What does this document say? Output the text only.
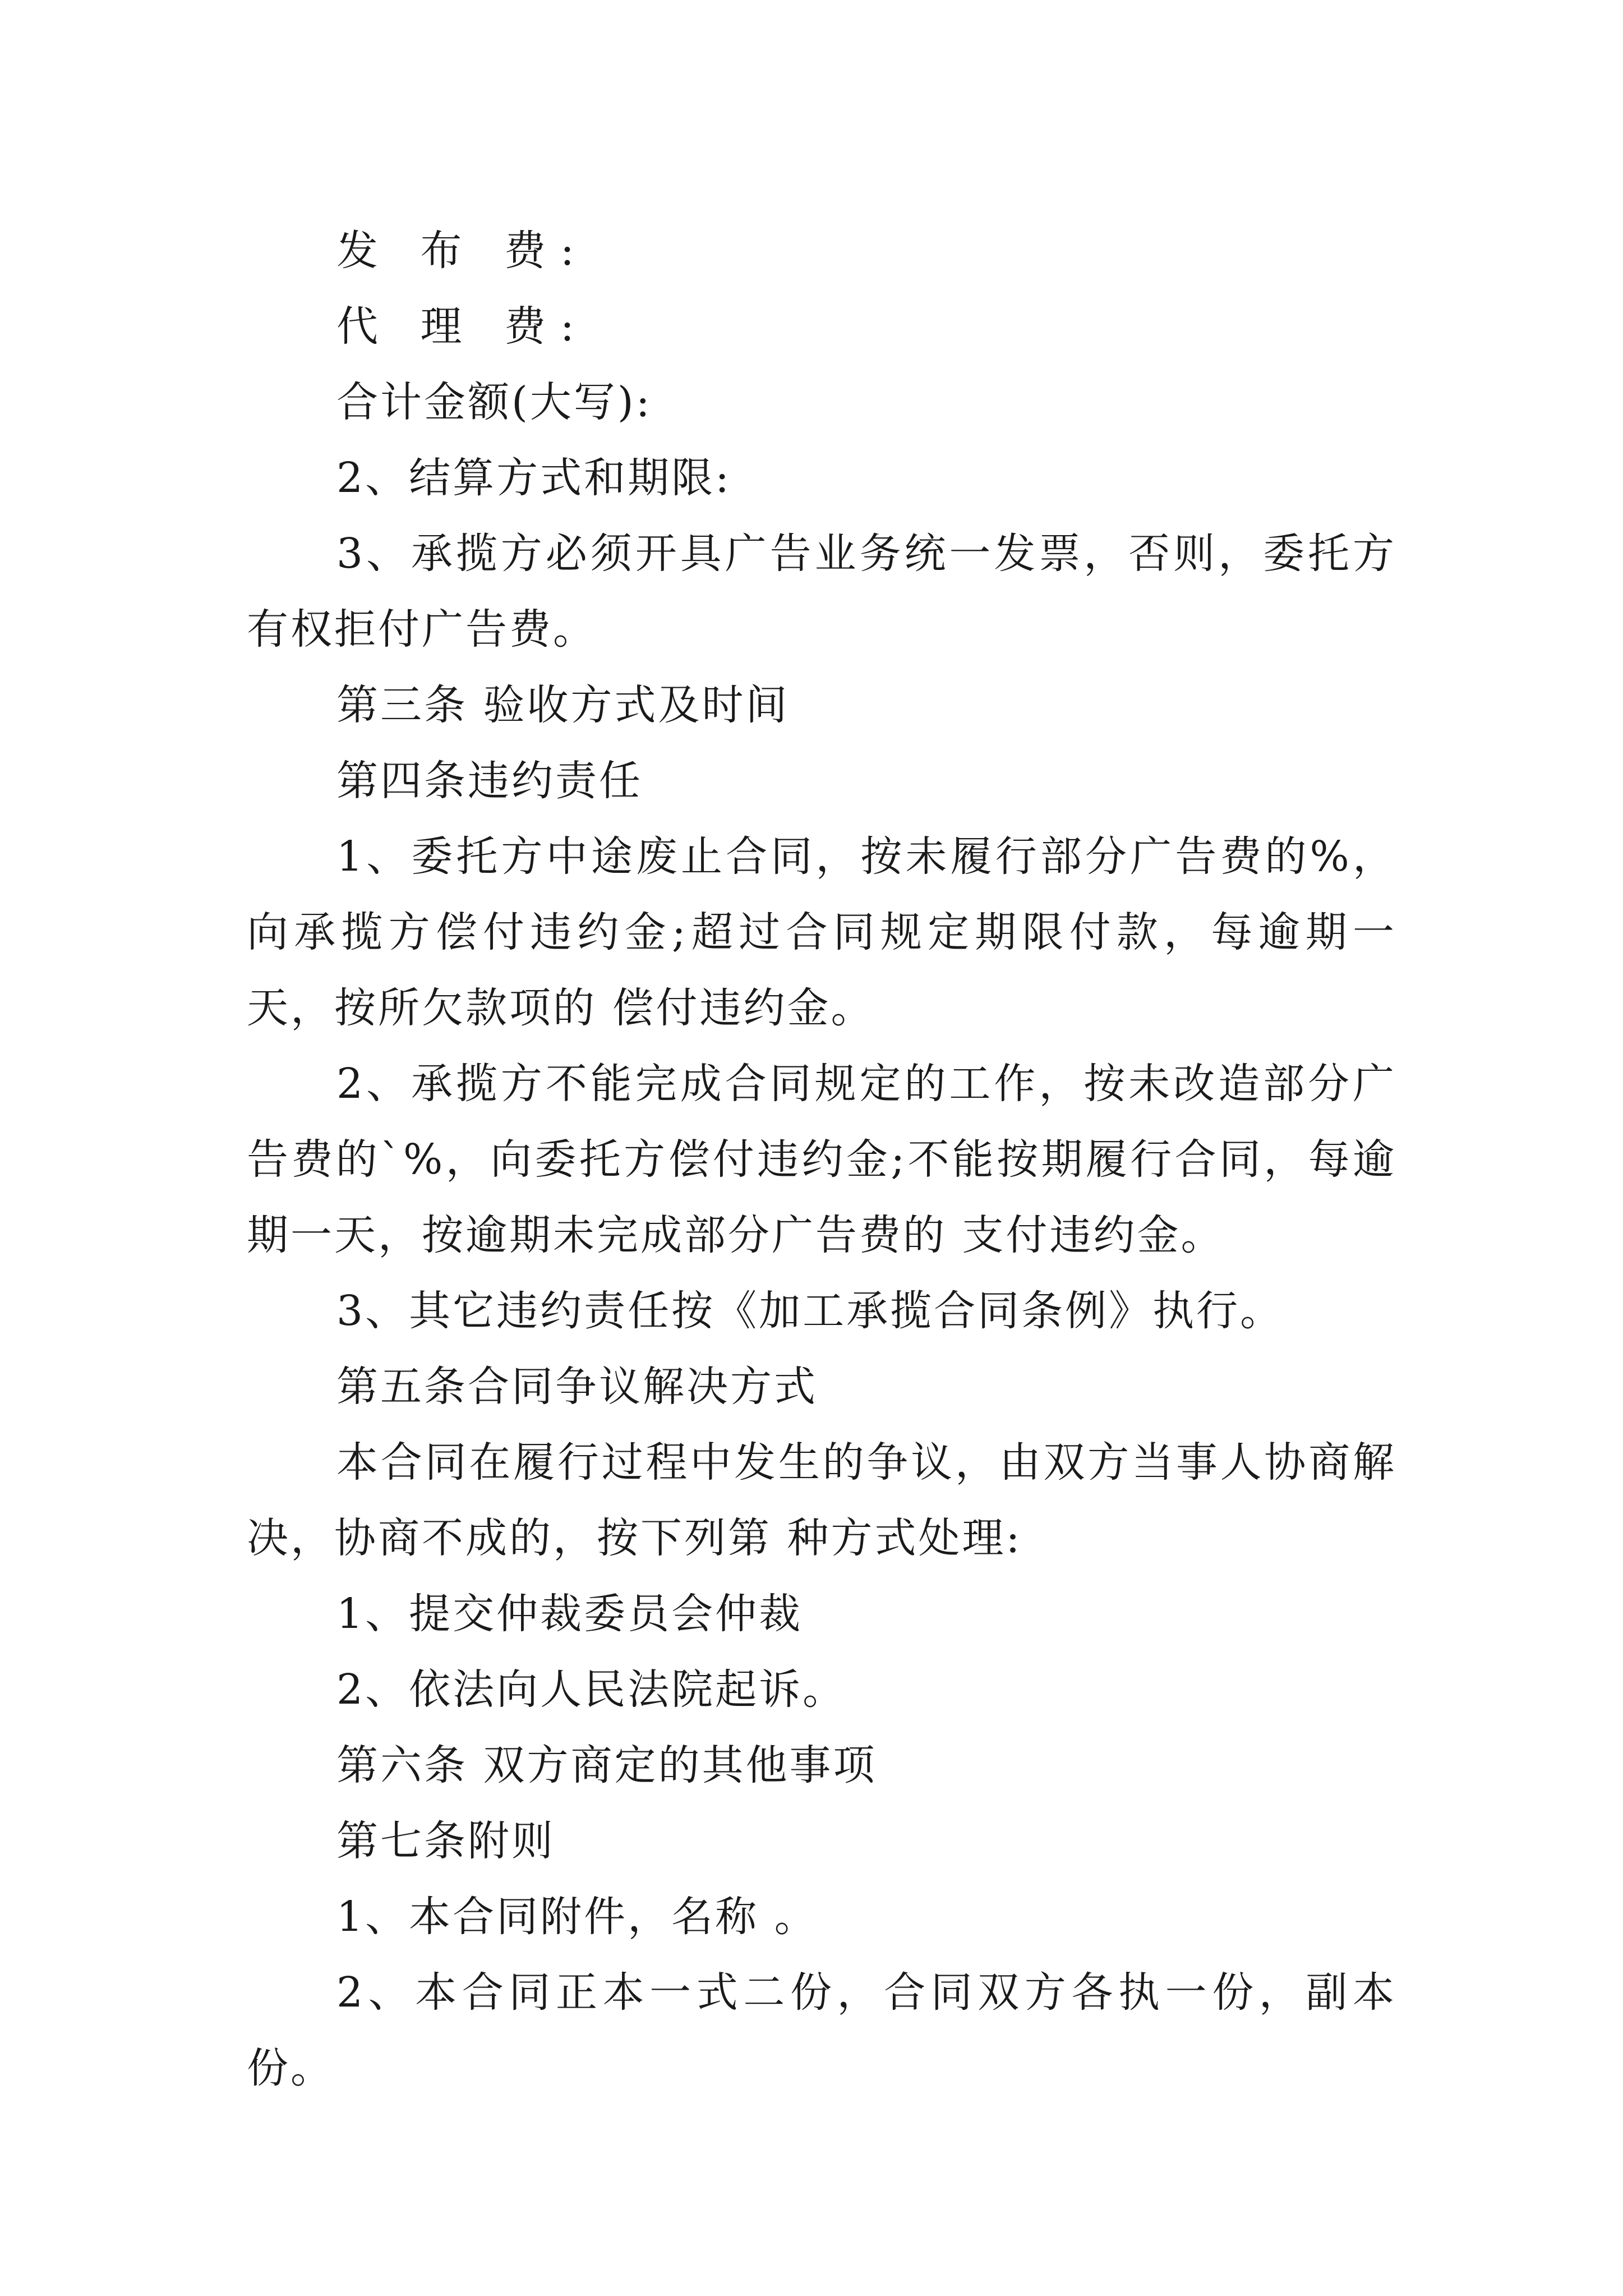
发 布 费:

代 理 费:

合计金额(大写):

2、结算方式和期限:

3、承揽方必须开具广告业务统一发票，否则，委托方有权拒付广告费。

第三条 验收方式及时间

第四条违约责任

1、委托方中途废止合同，按未履行部分广告费的%，向承揽方偿付违约金;超过合同规定期限付款，每逾期一天，按所欠款项的 偿付违约金。

2、承揽方不能完成合同规定的工作，按未改造部分广告费的`%，向委托方偿付违约金;不能按期履行合同，每逾期一天，按逾期未完成部分广告费的 支付违约金。

3、其它违约责任按《加工承揽合同条例》执行。

第五条合同争议解决方式

本合同在履行过程中发生的争议，由双方当事人协商解决，协商不成的，按下列第 种方式处理:

1、提交仲裁委员会仲裁

2、依法向人民法院起诉。

第六条 双方商定的其他事项

第七条附则

1、本合同附件，名称 。

2、本合同正本一式二份，合同双方各执一份，副本 份。
